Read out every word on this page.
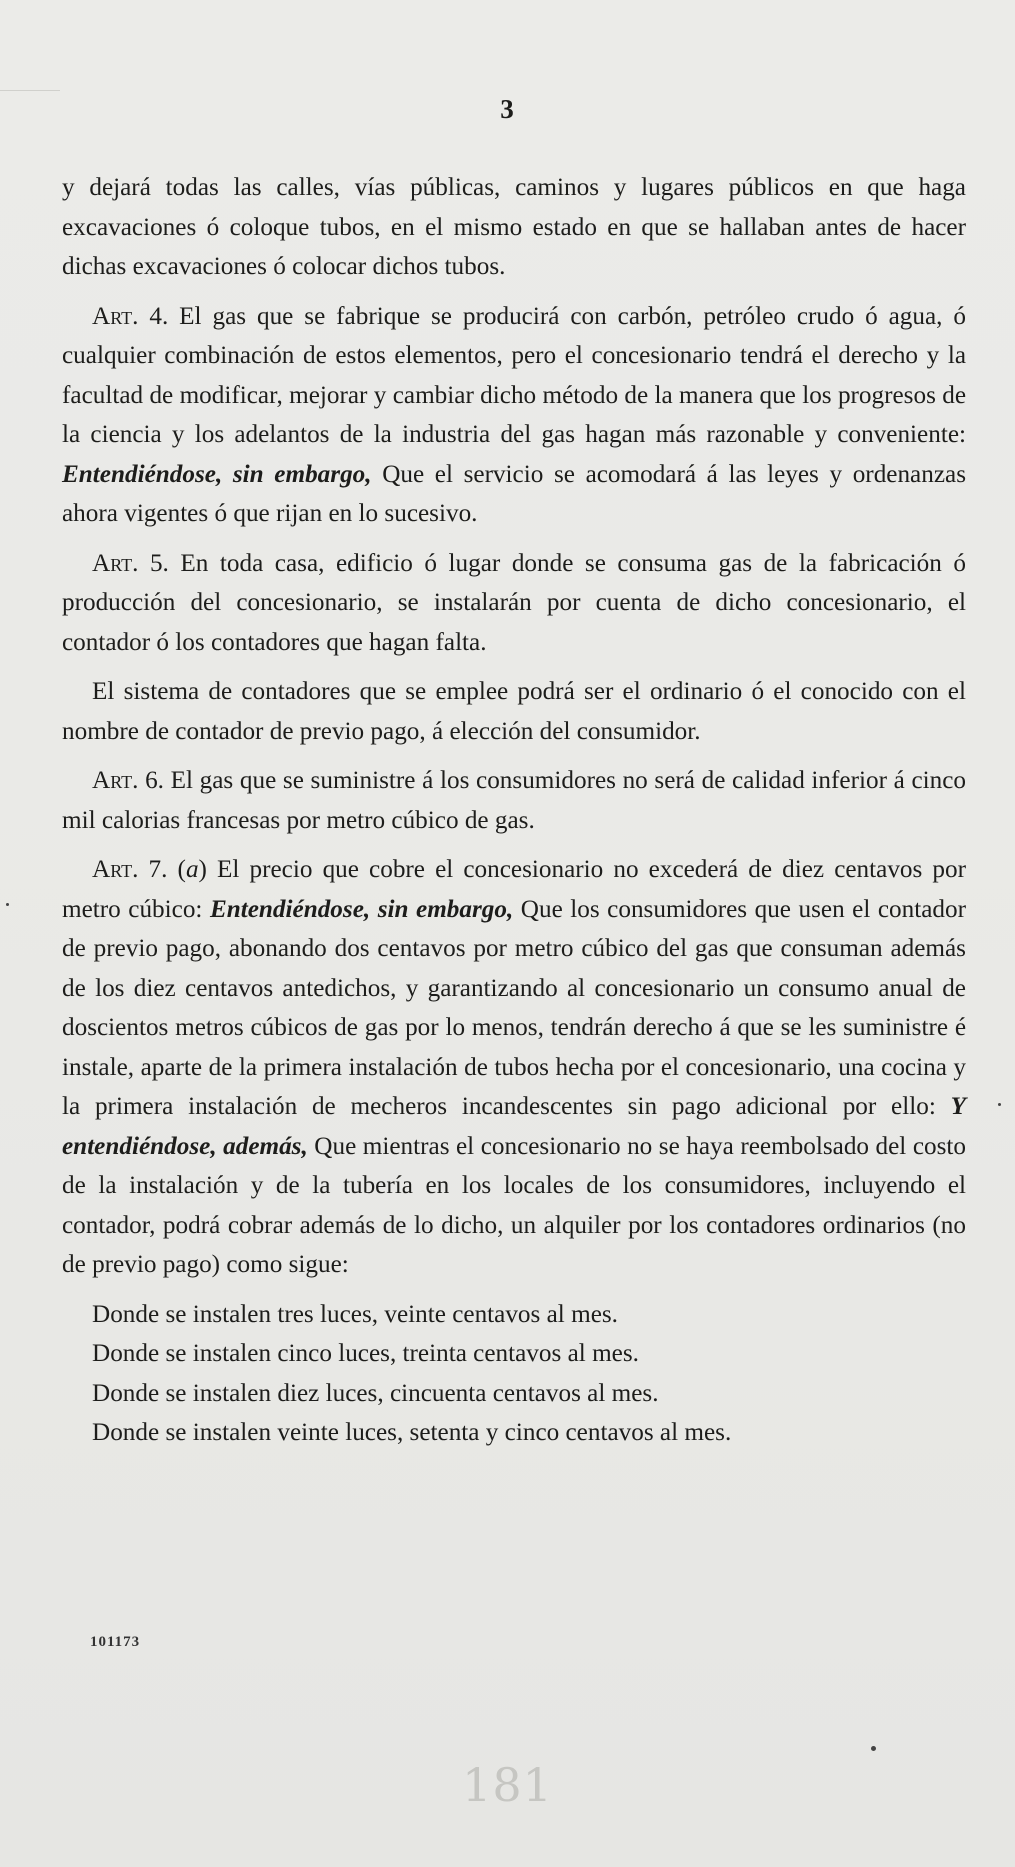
3

y dejará todas las calles, vías públicas, caminos y lugares públicos en que haga excavaciones ó coloque tubos, en el mismo estado en que se hallaban antes de hacer dichas excavaciones ó colocar dichos tubos.

Art. 4. El gas que se fabrique se producirá con carbón, petróleo crudo ó agua, ó cualquier combinación de estos elementos, pero el concesionario tendrá el derecho y la facultad de modificar, mejorar y cambiar dicho método de la manera que los progresos de la ciencia y los adelantos de la industria del gas hagan más razonable y conveniente: Entendiéndose, sin embargo, Que el servicio se acomodará á las leyes y ordenanzas ahora vigentes ó que rijan en lo sucesivo.

Art. 5. En toda casa, edificio ó lugar donde se consuma gas de la fabricación ó producción del concesionario, se instalarán por cuenta de dicho concesionario, el contador ó los contadores que hagan falta.

El sistema de contadores que se emplee podrá ser el ordinario ó el conocido con el nombre de contador de previo pago, á elección del consumidor.

Art. 6. El gas que se suministre á los consumidores no será de calidad inferior á cinco mil calorias francesas por metro cúbico de gas.

Art. 7. (a) El precio que cobre el concesionario no excederá de diez centavos por metro cúbico: Entendiéndose, sin embargo, Que los consumidores que usen el contador de previo pago, abonando dos centavos por metro cúbico del gas que consuman además de los diez centavos antedichos, y garantizando al concesionario un consumo anual de doscientos metros cúbicos de gas por lo menos, tendrán derecho á que se les suministre é instale, aparte de la primera instalación de tubos hecha por el concesionario, una cocina y la primera instalación de mecheros incandescentes sin pago adicional por ello: Y entendiéndose, además, Que mientras el concesionario no se haya reembolsado del costo de la instalación y de la tubería en los locales de los consumidores, incluyendo el contador, podrá cobrar además de lo dicho, un alquiler por los contadores ordinarios (no de previo pago) como sigue:

Donde se instalen tres luces, veinte centavos al mes.

Donde se instalen cinco luces, treinta centavos al mes.

Donde se instalen diez luces, cincuenta centavos al mes.

Donde se instalen veinte luces, setenta y cinco centavos al mes.

101173
181
